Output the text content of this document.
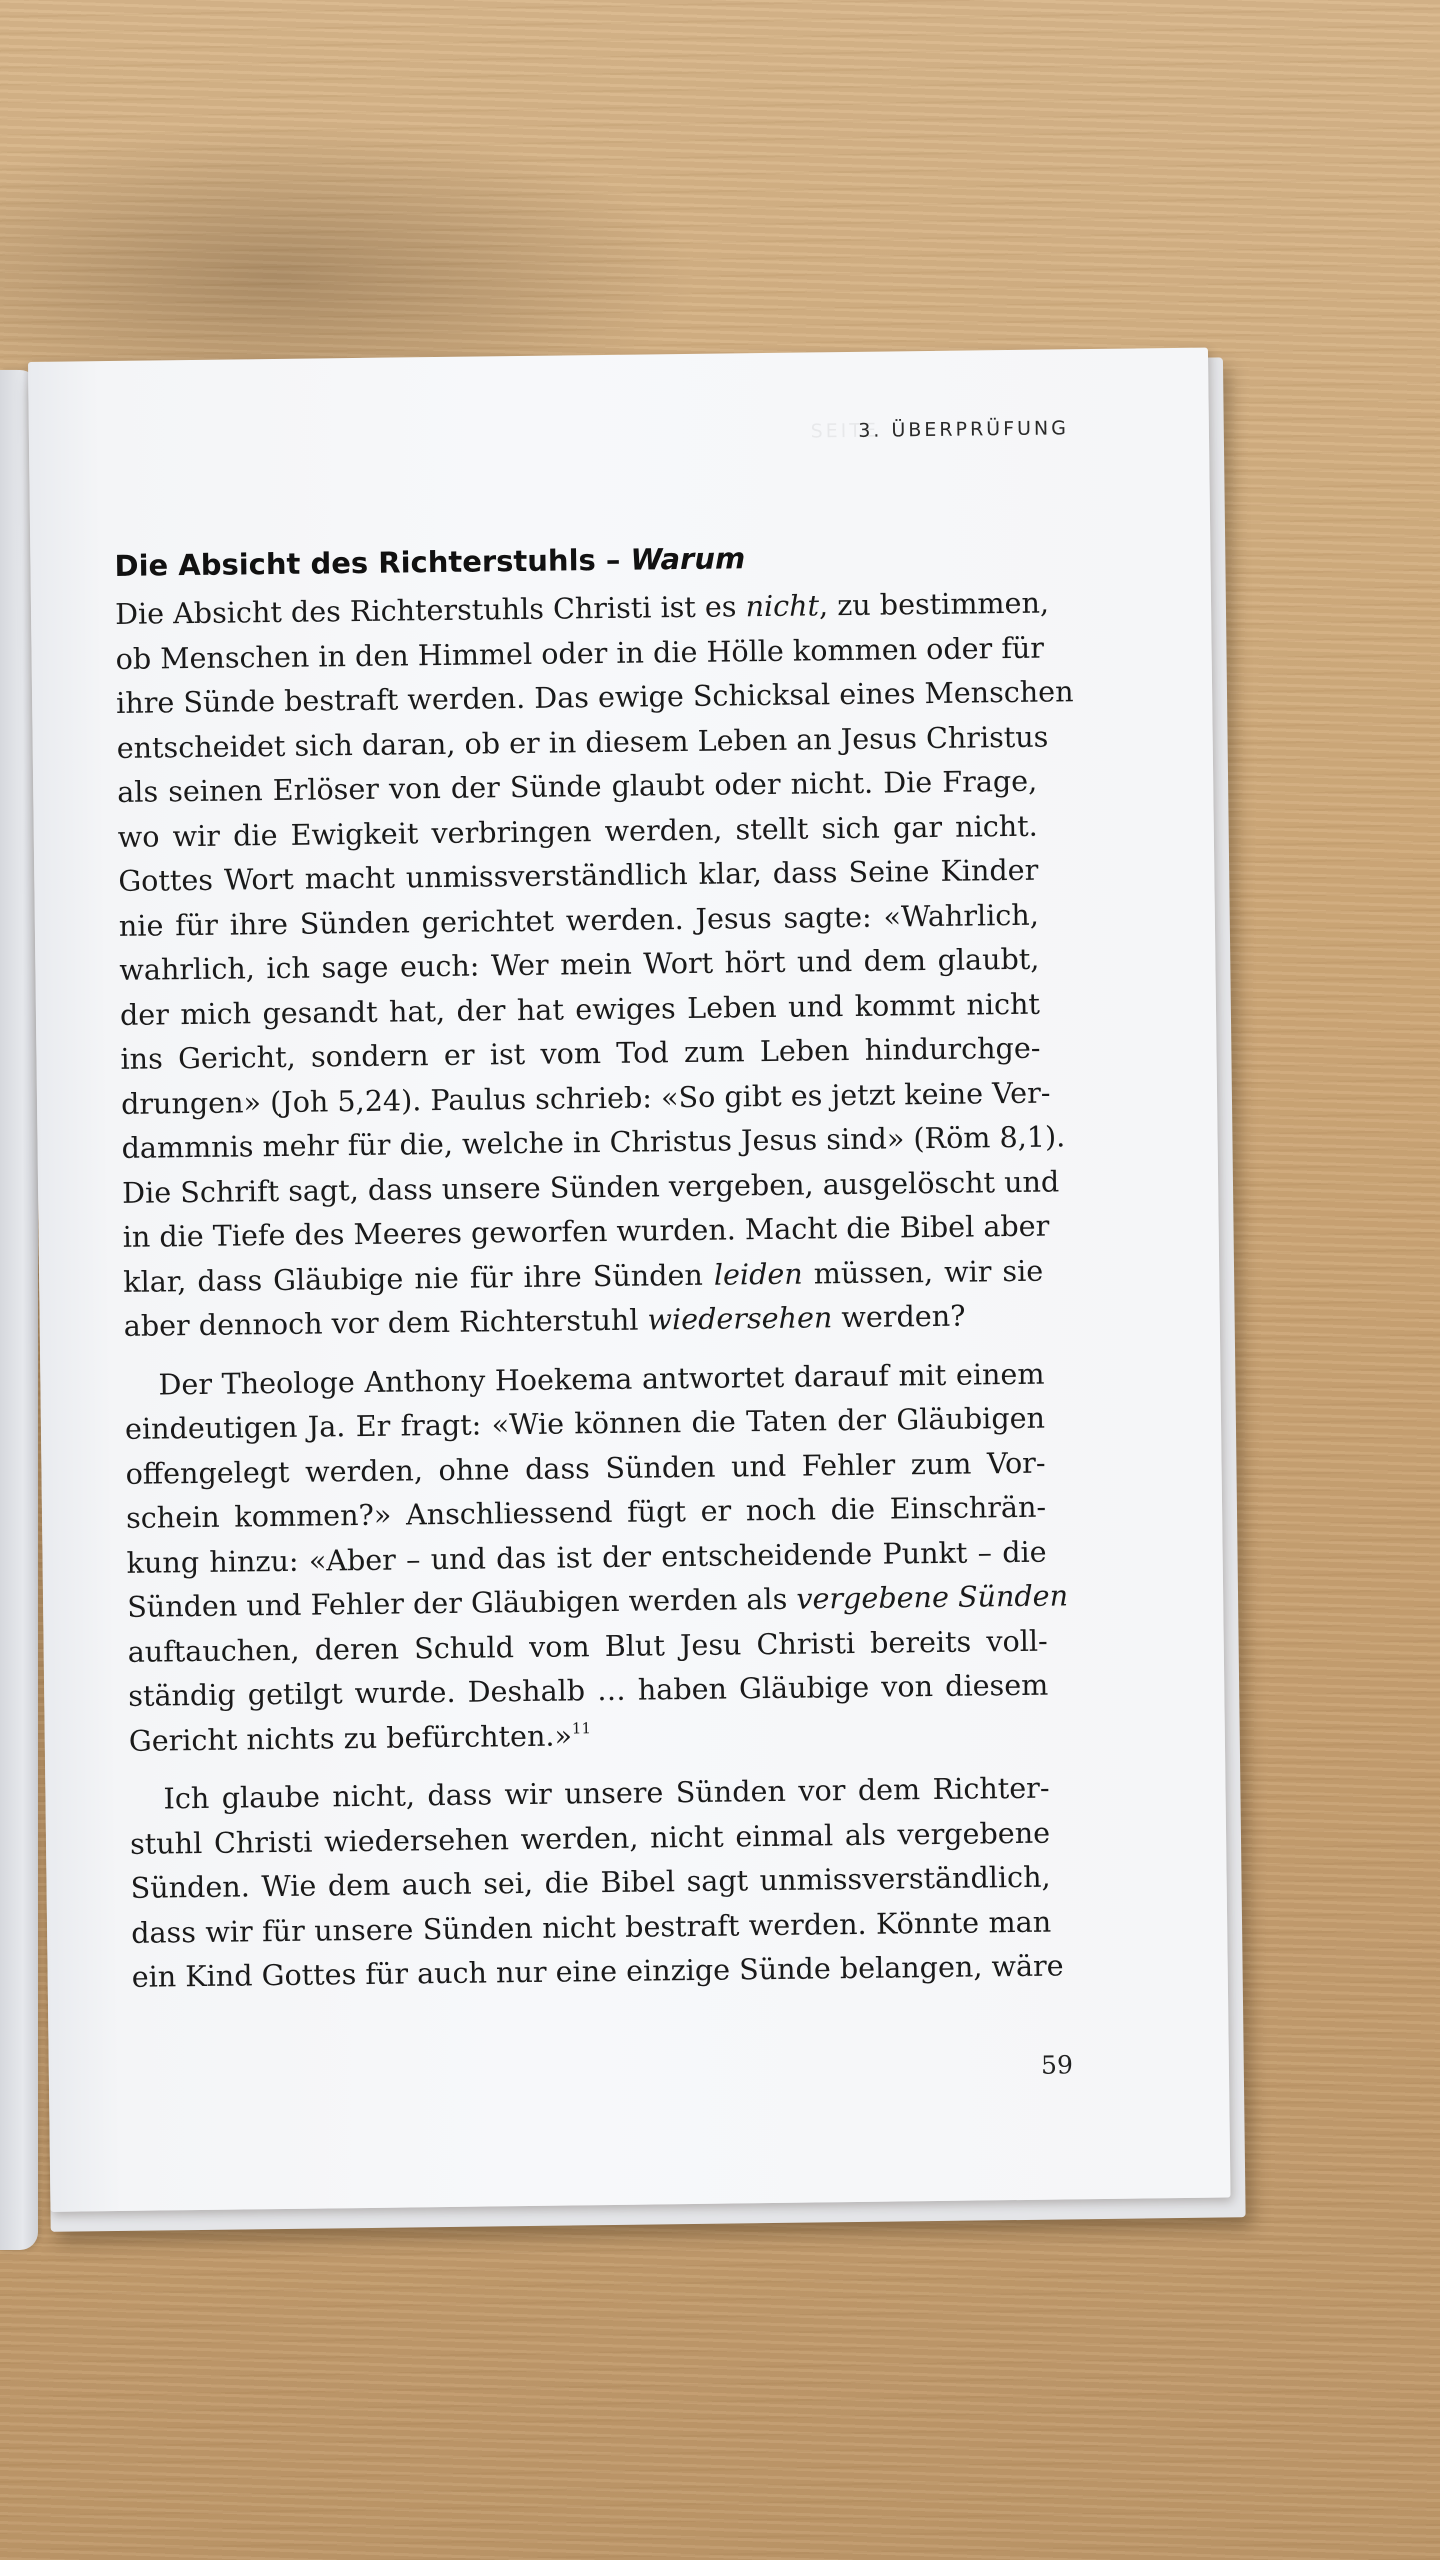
SEITE
3. ÜBERPRÜFUNG
Die Absicht des Richterstuhls – Warum

Die Absicht des Richterstuhls Christi ist es nicht, zu bestimmen,
ob Menschen in den Himmel oder in die Hölle kommen oder für
ihre Sünde bestraft werden. Das ewige Schicksal eines Menschen
entscheidet sich daran, ob er in diesem Leben an Jesus Christus
als seinen Erlöser von der Sünde glaubt oder nicht. Die Frage,
wo wir die Ewigkeit verbringen werden, stellt sich gar nicht.
Gottes Wort macht unmissverständlich klar, dass Seine Kinder
nie für ihre Sünden gerichtet werden. Jesus sagte: «Wahrlich,
wahrlich, ich sage euch: Wer mein Wort hört und dem glaubt,
der mich gesandt hat, der hat ewiges Leben und kommt nicht
ins Gericht, sondern er ist vom Tod zum Leben hindurchge-
drungen» (Joh 5,24). Paulus schrieb: «So gibt es jetzt keine Ver-
dammnis mehr für die, welche in Christus Jesus sind» (Röm 8,1).
Die Schrift sagt, dass unsere Sünden vergeben, ausgelöscht und
in die Tiefe des Meeres geworfen wurden. Macht die Bibel aber
klar, dass Gläubige nie für ihre Sünden leiden müssen, wir sie
aber dennoch vor dem Richterstuhl wiedersehen werden?

Der Theologe Anthony Hoekema antwortet darauf mit einem
eindeutigen Ja. Er fragt: «Wie können die Taten der Gläubigen
offengelegt werden, ohne dass Sünden und Fehler zum Vor-
schein kommen?» Anschliessend fügt er noch die Einschrän-
kung hinzu: «Aber – und das ist der entscheidende Punkt – die
Sünden und Fehler der Gläubigen werden als vergebene Sünden
auftauchen, deren Schuld vom Blut Jesu Christi bereits voll-
ständig getilgt wurde. Deshalb … haben Gläubige von diesem
Gericht nichts zu befürchten.»$^{11}$

Ich glaube nicht, dass wir unsere Sünden vor dem Richter-
stuhl Christi wiedersehen werden, nicht einmal als vergebene
Sünden. Wie dem auch sei, die Bibel sagt unmissverständlich,
dass wir für unsere Sünden nicht bestraft werden. Könnte man
ein Kind Gottes für auch nur eine einzige Sünde belangen, wäre

59
